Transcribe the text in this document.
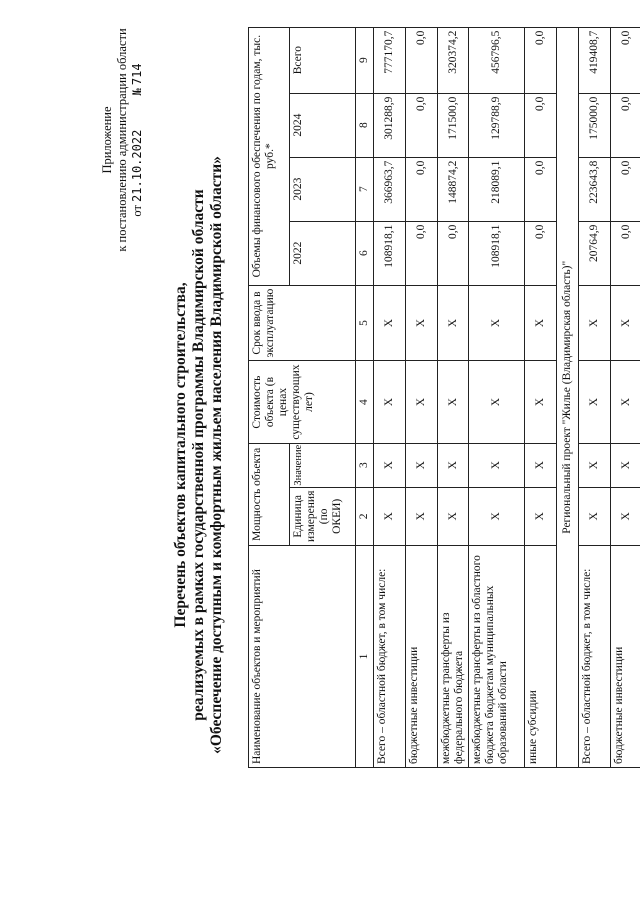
Приложение к постановлению администрации области от 21.10.2022  № 714
Перечень объектов капитального строительства, реализуемых в рамках государственной программы Владимирской области «Обеспечение доступным и комфортным жильем населения Владимирской области» Наименование объектов и мероприятий	Мощность объекта		Стоимость объекта (в ценах существующих лет)	Срок ввода в эксплуатацию	Объемы финансового обеспечения по годам, тыс. руб.*			
	Единица измерения (по ОКЕИ)	Значение			2022	2023	2024	Всего
1	2	3	4	5	6	7	8	9
Всего – областной бюджет, в том числе:	Х	Х	Х	Х	108918,1	366963,7	301288,9	777170,7
бюджетные инвестиции	Х	Х	Х	Х	0,0	0,0	0,0	0,0
межбюджетные трансферты из федерального бюджета	Х	Х	Х	Х	0,0	148874,2	171500,0	320374,2
межбюджетные трансферты из областного бюджета бюджетам муниципальных образований области	Х	Х	Х	Х	108918,1	218089,1	129788,9	456796,5
иные субсидии	Х	Х	Х	Х	0,0	0,0	0,0	0,0
Региональный проект "Жилье (Владимирская область)"								
Всего – областной бюджет, в том числе:	Х	Х	Х	Х	20764,9	223643,8	175000,0	419408,7
бюджетные инвестиции	Х	Х	Х	Х	0,0	0,0	0,0	0,0
